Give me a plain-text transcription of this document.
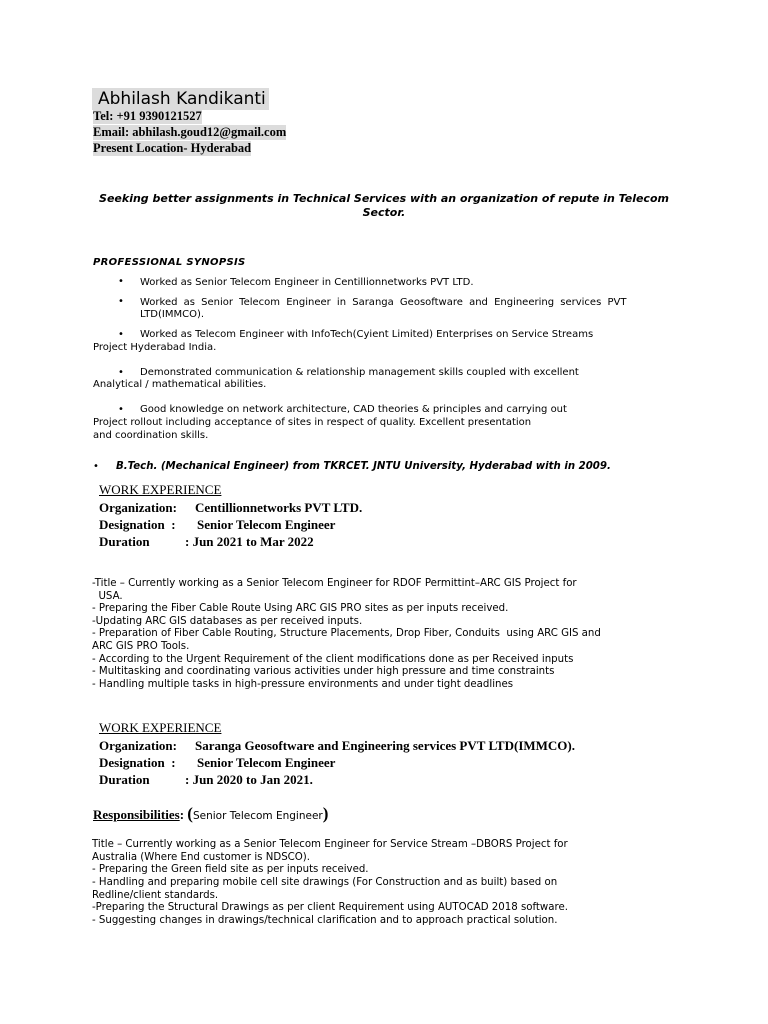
Abhilash Kandikanti
Tel: +91 9390121527
Email: abhilash.goud12@gmail.com
Present Location- Hyderabad
Seeking better assignments in Technical Services with an organization of repute in Telecom Sector.
PROFESSIONAL SYNOPSIS
• Worked as Senior Telecom Engineer in Centillionnetworks PVT LTD.
• Worked as Senior Telecom Engineer in Saranga Geosoftware and Engineering services PVT
LTD(IMMCO).
• Worked as Telecom Engineer with InfoTech(Cyient Limited) Enterprises on Service Streams
Project Hyderabad India.
• Demonstrated communication & relationship management skills coupled with excellent
Analytical / mathematical abilities.
• Good knowledge on network architecture, CAD theories & principles and carrying out
Project rollout including acceptance of sites in respect of quality. Excellent presentation
and coordination skills.
• B.Tech. (Mechanical Engineer) from TKRCET. JNTU University, Hyderabad with in 2009.
WORK EXPERIENCE
Organization: Centillionnetworks PVT LTD.
Designation  : Senior Telecom Engineer
Duration	: Jun 2021 to Mar 2022
-Title – Currently working as a Senior Telecom Engineer for RDOF Permittint–ARC GIS Project for
USA.
- Preparing the Fiber Cable Route Using ARC GIS PRO sites as per inputs received.
-Updating ARC GIS databases as per received inputs.
- Preparation of Fiber Cable Routing, Structure Placements, Drop Fiber, Conduits  using ARC GIS and
ARC GIS PRO Tools.
- According to the Urgent Requirement of the client modifications done as per Received inputs
- Multitasking and coordinating various activities under high pressure and time constraints
- Handling multiple tasks in high-pressure environments and under tight deadlines
WORK EXPERIENCE
Organization: Saranga Geosoftware and Engineering services PVT LTD(IMMCO).
Designation  : Senior Telecom Engineer
Duration	: Jun 2020 to Jan 2021.
Responsibilities: (Senior Telecom Engineer)
Title – Currently working as a Senior Telecom Engineer for Service Stream –DBORS Project for
Australia (Where End customer is NDSCO).
- Preparing the Green field site as per inputs received.
- Handling and preparing mobile cell site drawings (For Construction and as built) based on
Redline/client standards.
-Preparing the Structural Drawings as per client Requirement using AUTOCAD 2018 software.
- Suggesting changes in drawings/technical clarification and to approach practical solution.
